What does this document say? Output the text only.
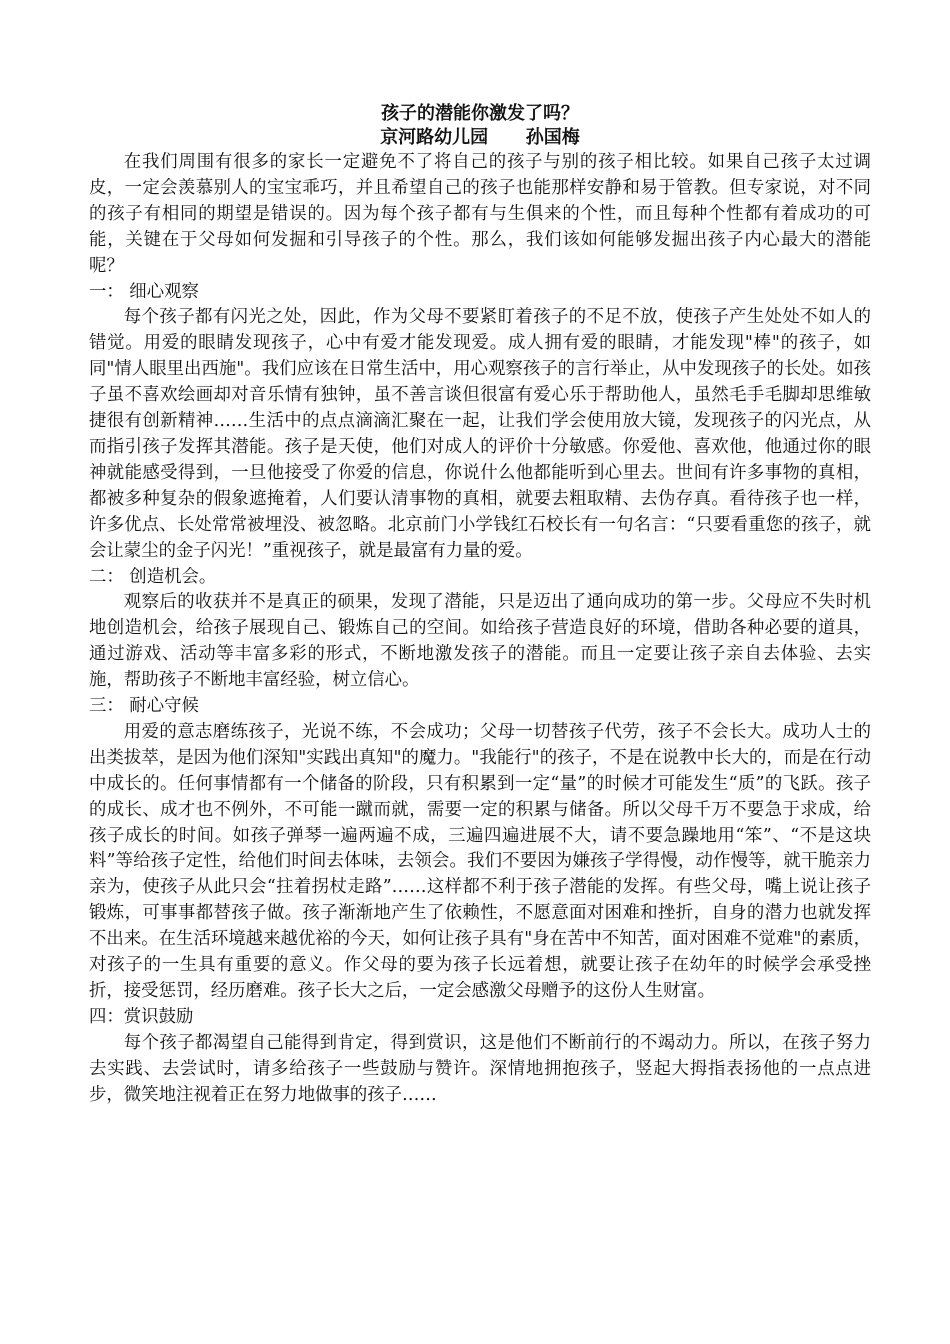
孩子的潜能你激发了吗？

京河路幼儿园      孙国梅

在我们周围有很多的家长一定避免不了将自己的孩子与别的孩子相比较。如果自己孩子太过调皮，一定会羡慕别人的宝宝乖巧，并且希望自己的孩子也能那样安静和易于管教。但专家说，对不同的孩子有相同的期望是错误的。因为每个孩子都有与生俱来的个性，而且每种个性都有着成功的可能，关键在于父母如何发掘和引导孩子的个性。那么，我们该如何能够发掘出孩子内心最大的潜能呢？

一： 细心观察

每个孩子都有闪光之处，因此，作为父母不要紧盯着孩子的不足不放，使孩子产生处处不如人的错觉。用爱的眼睛发现孩子，心中有爱才能发现爱。成人拥有爱的眼睛，才能发现"棒"的孩子，如同"情人眼里出西施"。我们应该在日常生活中，用心观察孩子的言行举止，从中发现孩子的长处。如孩子虽不喜欢绘画却对音乐情有独钟，虽不善言谈但很富有爱心乐于帮助他人，虽然毛手毛脚却思维敏捷很有创新精神……生活中的点点滴滴汇聚在一起，让我们学会使用放大镜，发现孩子的闪光点，从而指引孩子发挥其潜能。孩子是天使，他们对成人的评价十分敏感。你爱他、喜欢他，他通过你的眼神就能感受得到，一旦他接受了你爱的信息，你说什么他都能听到心里去。世间有许多事物的真相，都被多种复杂的假象遮掩着，人们要认清事物的真相，就要去粗取精、去伪存真。看待孩子也一样，许多优点、长处常常被埋没、被忽略。北京前门小学钱红石校长有一句名言：“只要看重您的孩子，就会让蒙尘的金子闪光！”重视孩子，就是最富有力量的爱。

二： 创造机会。

观察后的收获并不是真正的硕果，发现了潜能，只是迈出了通向成功的第一步。父母应不失时机地创造机会，给孩子展现自己、锻炼自己的空间。如给孩子营造良好的环境，借助各种必要的道具，通过游戏、活动等丰富多彩的形式，不断地激发孩子的潜能。而且一定要让孩子亲自去体验、去实施，帮助孩子不断地丰富经验，树立信心。

三： 耐心守候

用爱的意志磨练孩子，光说不练，不会成功；父母一切替孩子代劳，孩子不会长大。成功人士的出类拔萃，是因为他们深知"实践出真知"的魔力。"我能行"的孩子，不是在说教中长大的，而是在行动中成长的。任何事情都有一个储备的阶段，只有积累到一定“量”的时候才可能发生“质”的飞跃。孩子的成长、成才也不例外，不可能一蹴而就，需要一定的积累与储备。所以父母千万不要急于求成，给孩子成长的时间。如孩子弹琴一遍两遍不成，三遍四遍进展不大，请不要急躁地用“笨”、“不是这块料”等给孩子定性，给他们时间去体味，去领会。我们不要因为嫌孩子学得慢，动作慢等，就干脆亲力亲为，使孩子从此只会“拄着拐杖走路”……这样都不利于孩子潜能的发挥。有些父母，嘴上说让孩子锻炼，可事事都替孩子做。孩子渐渐地产生了依赖性，不愿意面对困难和挫折，自身的潜力也就发挥不出来。在生活环境越来越优裕的今天，如何让孩子具有"身在苦中不知苦，面对困难不觉难"的素质，对孩子的一生具有重要的意义。作父母的要为孩子长远着想，就要让孩子在幼年的时候学会承受挫折，接受惩罚，经历磨难。孩子长大之后，一定会感激父母赠予的这份人生财富。

四：赏识鼓励

每个孩子都渴望自己能得到肯定，得到赏识，这是他们不断前行的不竭动力。所以，在孩子努力去实践、去尝试时，请多给孩子一些鼓励与赞许。深情地拥抱孩子，竖起大拇指表扬他的一点点进步，微笑地注视着正在努力地做事的孩子……
